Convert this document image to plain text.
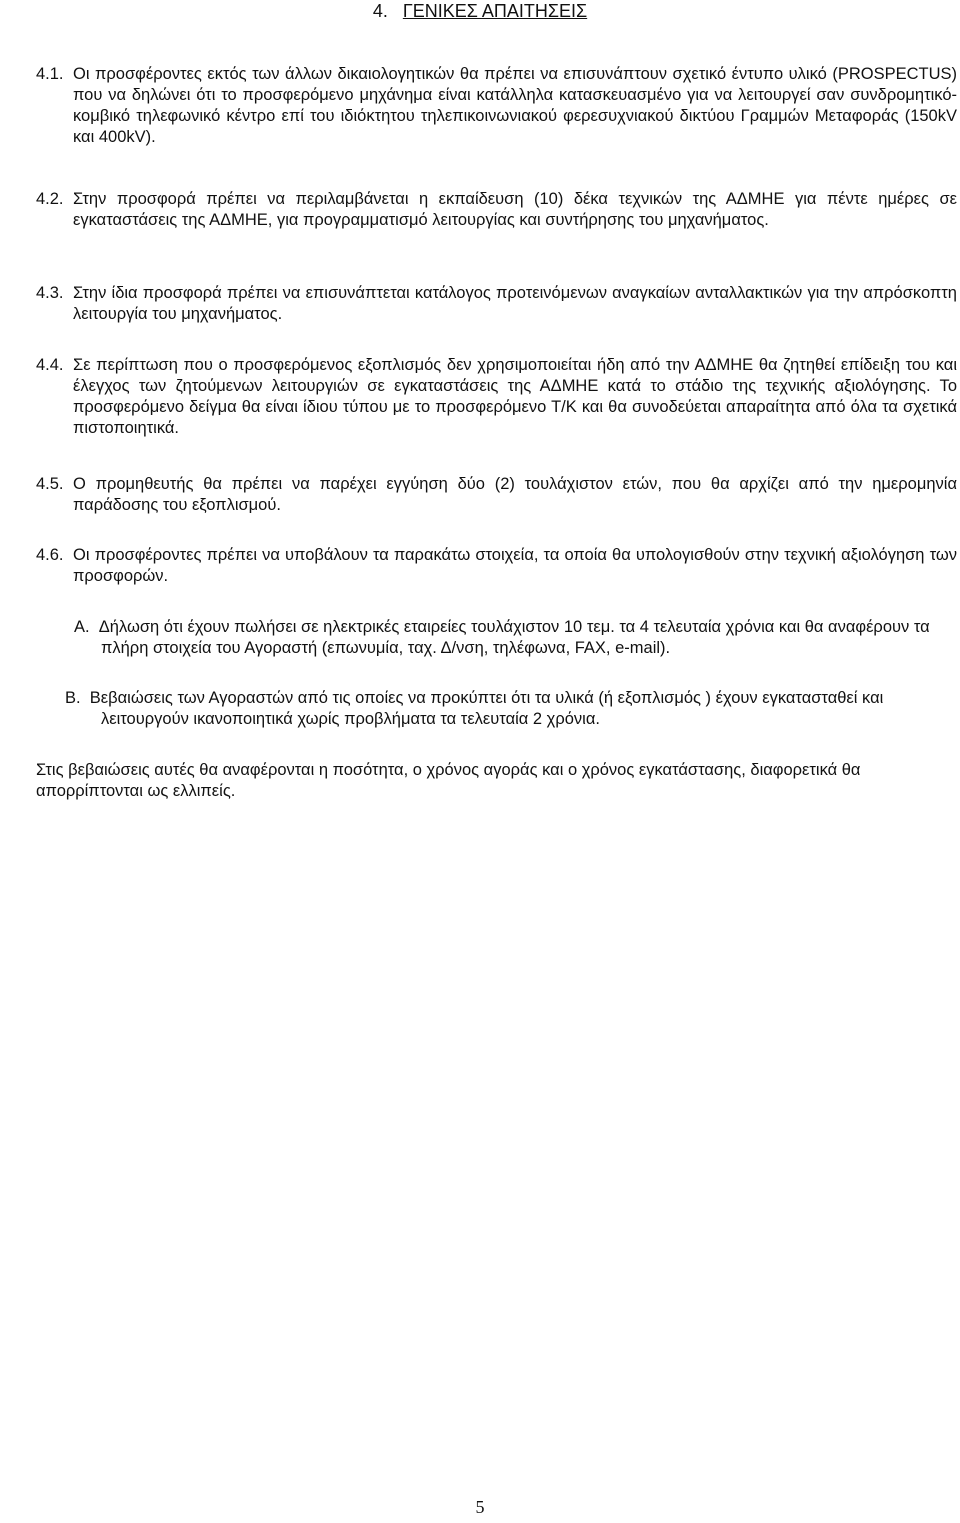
4. ΓΕΝΙΚΕΣ ΑΠΑΙΤΗΣΕΙΣ
4.1. Οι προσφέροντες εκτός των άλλων δικαιολογητικών θα πρέπει να επισυνάπτουν σχετικό έντυπο υλικό (PROSPECTUS) που να δηλώνει ότι το προσφερόμενο μηχάνημα είναι κατάλληλα κατασκευασμένο για να λειτουργεί σαν συνδρομητικό-κομβικό τηλεφωνικό κέντρο επί του ιδιόκτητου τηλεπικοινωνιακού φερεσυχνιακού δικτύου Γραμμών Μεταφοράς (150kV και 400kV).
4.2. Στην προσφορά πρέπει να περιλαμβάνεται η εκπαίδευση (10) δέκα τεχνικών της ΑΔΜΗΕ για πέντε ημέρες σε εγκαταστάσεις της ΑΔΜΗΕ, για προγραμματισμό λειτουργίας και συντήρησης του μηχανήματος.
4.3. Στην ίδια προσφορά πρέπει να επισυνάπτεται κατάλογος προτεινόμενων αναγκαίων ανταλλακτικών για την απρόσκοπτη λειτουργία του μηχανήματος.
4.4. Σε περίπτωση που ο προσφερόμενος εξοπλισμός δεν χρησιμοποιείται ήδη από την ΑΔΜΗΕ θα ζητηθεί επίδειξη του και έλεγχος των ζητούμενων λειτουργιών σε εγκαταστάσεις της ΑΔΜΗΕ κατά το στάδιο της τεχνικής αξιολόγησης. Το προσφερόμενο δείγμα θα είναι ίδιου τύπου με το προσφερόμενο Τ/Κ και θα συνοδεύεται απαραίτητα από όλα τα σχετικά πιστοποιητικά.
4.5. Ο προμηθευτής θα πρέπει να παρέχει εγγύηση δύο (2) τουλάχιστον ετών, που θα αρχίζει από την ημερομηνία παράδοσης του εξοπλισμού.
4.6. Οι προσφέροντες πρέπει να υποβάλουν τα παρακάτω στοιχεία, τα οποία θα υπολογισθούν στην τεχνική αξιολόγηση των προσφορών.
Α. Δήλωση ότι έχουν πωλήσει σε ηλεκτρικές εταιρείες τουλάχιστον 10 τεμ. τα 4 τελευταία χρόνια και θα αναφέρουν τα πλήρη στοιχεία του Αγοραστή (επωνυμία, ταχ. Δ/νση, τηλέφωνα, FAX, e-mail).
Β. Βεβαιώσεις των Αγοραστών από τις οποίες να προκύπτει ότι τα υλικά (ή εξοπλισμός ) έχουν εγκατασταθεί και λειτουργούν ικανοποιητικά χωρίς προβλήματα τα τελευταία 2 χρόνια.
Στις βεβαιώσεις αυτές θα αναφέρονται η ποσότητα, ο χρόνος αγοράς και ο χρόνος εγκατάστασης, διαφορετικά θα απορρίπτονται ως ελλιπείς.
5
